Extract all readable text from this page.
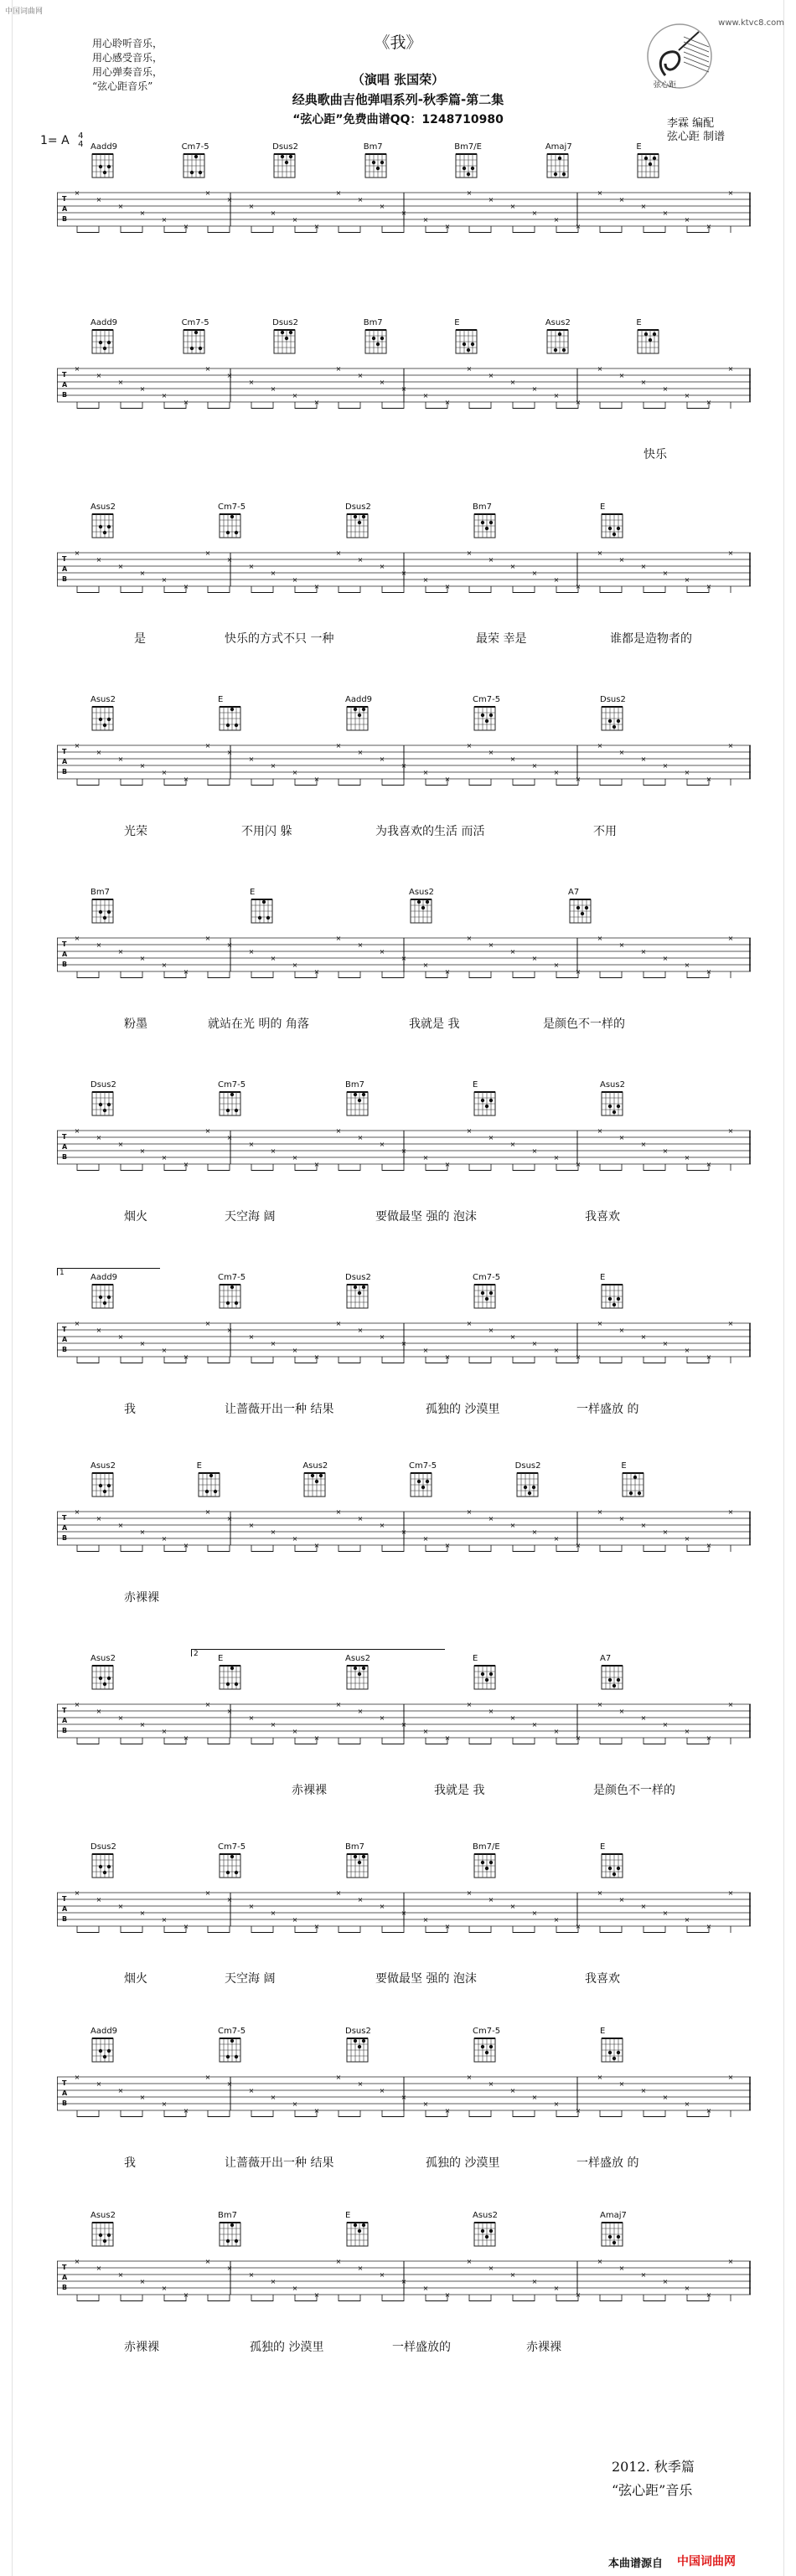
中国词曲网
www.ktvc8.com
用心聆听音乐，
用心感受音乐，
用心弹奏音乐，
“弦心距音乐”
《我》
（演唱 张国荣）
经典歌曲吉他弹唱系列-秋季篇-第二集
“弦心距”免费曲谱QQ：1248710980
弦心距
李霖 编配
弦心距 制谱
1= A 4
4 Aadd9	Cm7-5	Dsus2	Bm7	Bm7/E	Amaj7	E
×
×
×
×
×
×
×
×
×
×
×
×
×
×
×
×
×
×
×
×
×
×
×
×
×
×
×
×
×
×
×
T
A
B
Aadd9	Cm7-5	Dsus2	Bm7	E	Asus2	E
×
×
×
×
×
×
×
×
×
×
×
×
×
×
×
×
×
×
×
×
×
×
×
×
×
×
×
×
×
×
×
T
A
B
快乐
Asus2	Cm7-5	Dsus2	Bm7	E
×
×
×
×
×
×
×
×
×
×
×
×
×
×
×
×
×
×
×
×
×
×
×
×
×
×
×
×
×
×
×
T
A
B
是	快乐的方式不只 一种	最荣 幸是	谁都是造物者的
Asus2	E	Aadd9	Cm7-5	Dsus2
×
×
×
×
×
×
×
×
×
×
×
×
×
×
×
×
×
×
×
×
×
×
×
×
×
×
×
×
×
×
×
T
A
B
光荣	不用闪 躲	为我喜欢的生活 而活	不用
Bm7	E	Asus2	A7
×
×
×
×
×
×
×
×
×
×
×
×
×
×
×
×
×
×
×
×
×
×
×
×
×
×
×
×
×
×
×
T
A
B
粉墨	就站在光 明的 角落	我就是 我	是颜色不一样的
Dsus2	Cm7-5	Bm7	E	Asus2
×
×
×
×
×
×
×
×
×
×
×
×
×
×
×
×
×
×
×
×
×
×
×
×
×
×
×
×
×
×
×
T
A
B
烟火	天空海 阔	要做最坚 强的 泡沫	我喜欢
Aadd9	Cm7-5	Dsus2	Cm7-5	E
×
×
×
×
×
×
×
×
×
×
×
×
×
×
×
×
×
×
×
×
×
×
×
×
×
×
×
×
×
×
×
T
A
B
我	让蔷薇开出一种 结果	孤独的 沙漠里	一样盛放 的
1
Asus2	E	Asus2	Cm7-5	Dsus2	E
×
×
×
×
×
×
×
×
×
×
×
×
×
×
×
×
×
×
×
×
×
×
×
×
×
×
×
×
×
×
×
T
A
B
赤裸裸
Asus2	E	Asus2	E	A7
×
×
×
×
×
×
×
×
×
×
×
×
×
×
×
×
×
×
×
×
×
×
×
×
×
×
×
×
×
×
×
T
A
B
赤裸裸	我就是 我	是颜色不一样的
2
Dsus2	Cm7-5	Bm7	Bm7/E	E
×
×
×
×
×
×
×
×
×
×
×
×
×
×
×
×
×
×
×
×
×
×
×
×
×
×
×
×
×
×
×
T
A
B
烟火	天空海 阔	要做最坚 强的 泡沫	我喜欢
Aadd9	Cm7-5	Dsus2	Cm7-5	E
×
×
×
×
×
×
×
×
×
×
×
×
×
×
×
×
×
×
×
×
×
×
×
×
×
×
×
×
×
×
×
T
A
B
我	让蔷薇开出一种 结果	孤独的 沙漠里	一样盛放 的
Asus2	Bm7	E	Asus2	Amaj7
×
×
×
×
×
×
×
×
×
×
×
×
×
×
×
×
×
×
×
×
×
×
×
×
×
×
×
×
×
×
×
T
A
B
赤裸裸	孤独的 沙漠里	一样盛放的	赤裸裸
2012. 秋季篇
“弦心距”音乐
本曲谱源自 中国词曲网
